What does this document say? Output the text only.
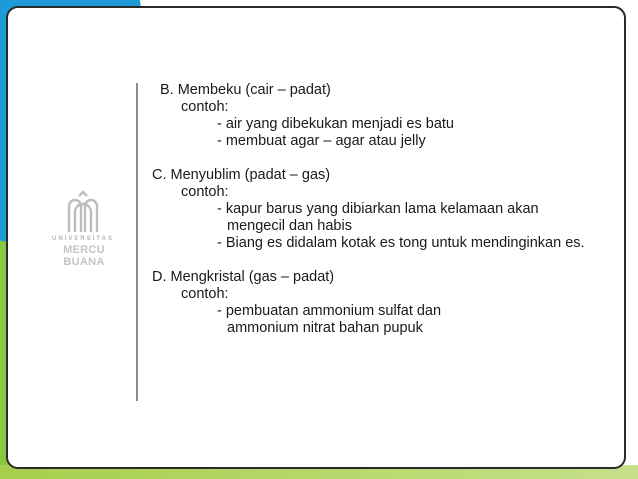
UNIVERSITAS
MERCU BUANA
B. Membeku (cair – padat)
contoh:
- air yang dibekukan menjadi es batu
- membuat agar – agar atau jelly
C. Menyublim (padat – gas)
contoh:
- kapur barus yang dibiarkan lama kelamaan akan
mengecil dan habis
- Biang es didalam kotak es tong untuk mendinginkan es.
D. Mengkristal (gas – padat)
contoh:
- pembuatan ammonium sulfat dan
ammonium nitrat bahan pupuk
